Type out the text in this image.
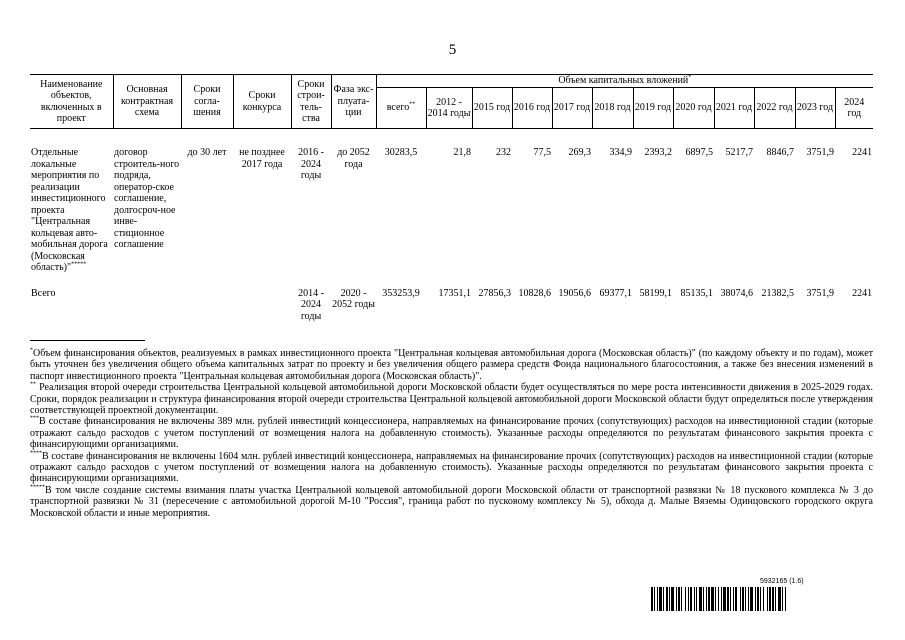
5
Наименование объектов, включенных в проект	Основная контрактная схема	Сроки согла-шения	Сроки конкурса	Сроки строи-тель-ства	Фаза экс-плуата-ции	Объем капитальных вложений*
						всего**	2012 - 2014 годы	2015 год	2016 год	2017 год	2018 год	2019 год	2020 год	2021 год	2022 год	2023 год	2024 год

Отдельные локальные мероприятия по реализации инвестиционного проекта "Центральная кольцевая авто-мобильная дорога (Московская область)"*****	договор строитель-ного подряда, оператор-ское соглашение, долгосроч-ное инве-стиционное соглашение	до 30 лет	не позднее 2017 года	2016 - 2024 годы	до 2052 года	30283,5	21,8	232	77,5	269,3	334,9	2393,2	6897,5	5217,7	8846,7	3751,9	2241

Всего				2014 - 2024 годы	2020 - 2052 годы	353253,9	17351,1	27856,3	10828,6	19056,6	69377,1	58199,1	85135,1	38074,6	21382,5	3751,9	2241

*Объем финансирования объектов, реализуемых в рамках инвестиционного проекта "Центральная кольцевая автомобильная дорога (Московская область)" (по каждому объекту и по годам), может быть уточнен без увеличения общего объема капитальных затрат по проекту и без увеличения общего размера средств Фонда национального благосостояния, а также без внесения изменений в паспорт инвестиционного проекта "Центральная кольцевая автомобильная дорога (Московская область)".

** Реализация второй очереди строительства Центральной кольцевой автомобильной дороги Московской области будет осуществляться по мере роста интенсивности движения в 2025-2029 годах. Сроки, порядок реализации и структура финансирования второй очереди строительства Центральной кольцевой автомобильной дороги Московской области будут определяться после утверждения соответствующей проектной документации.

***В составе финансирования не включены 389 млн. рублей инвестиций концессионера, направляемых на финансирование прочих (сопутствующих) расходов на инвестиционной стадии (которые отражают сальдо расходов с учетом поступлений от возмещения налога на добавленную стоимость). Указанные расходы определяются по результатам финансового закрытия проекта с финансирующими организациями.

****В составе финансирования не включены 1604 млн. рублей инвестиций концессионера, направляемых на финансирование прочих (сопутствующих) расходов на инвестиционной стадии (которые отражают сальдо расходов с учетом поступлений от возмещения налога на добавленную стоимость). Указанные расходы определяются по результатам финансового закрытия проекта с финансирующими организациями.

*****В том числе создание системы взимания платы участка Центральной кольцевой автомобильной дороги Московской области от транспортной развязки № 18 пускового комплекса № 3 до транспортной развязки № 31 (пересечение с автомобильной дорогой М-10 "Россия", граница работ по пусковому комплексу № 5), обхода д. Малые Вяземы Одинцовского городского округа Московской области и иные мероприятия.

5932165 (1.6)
